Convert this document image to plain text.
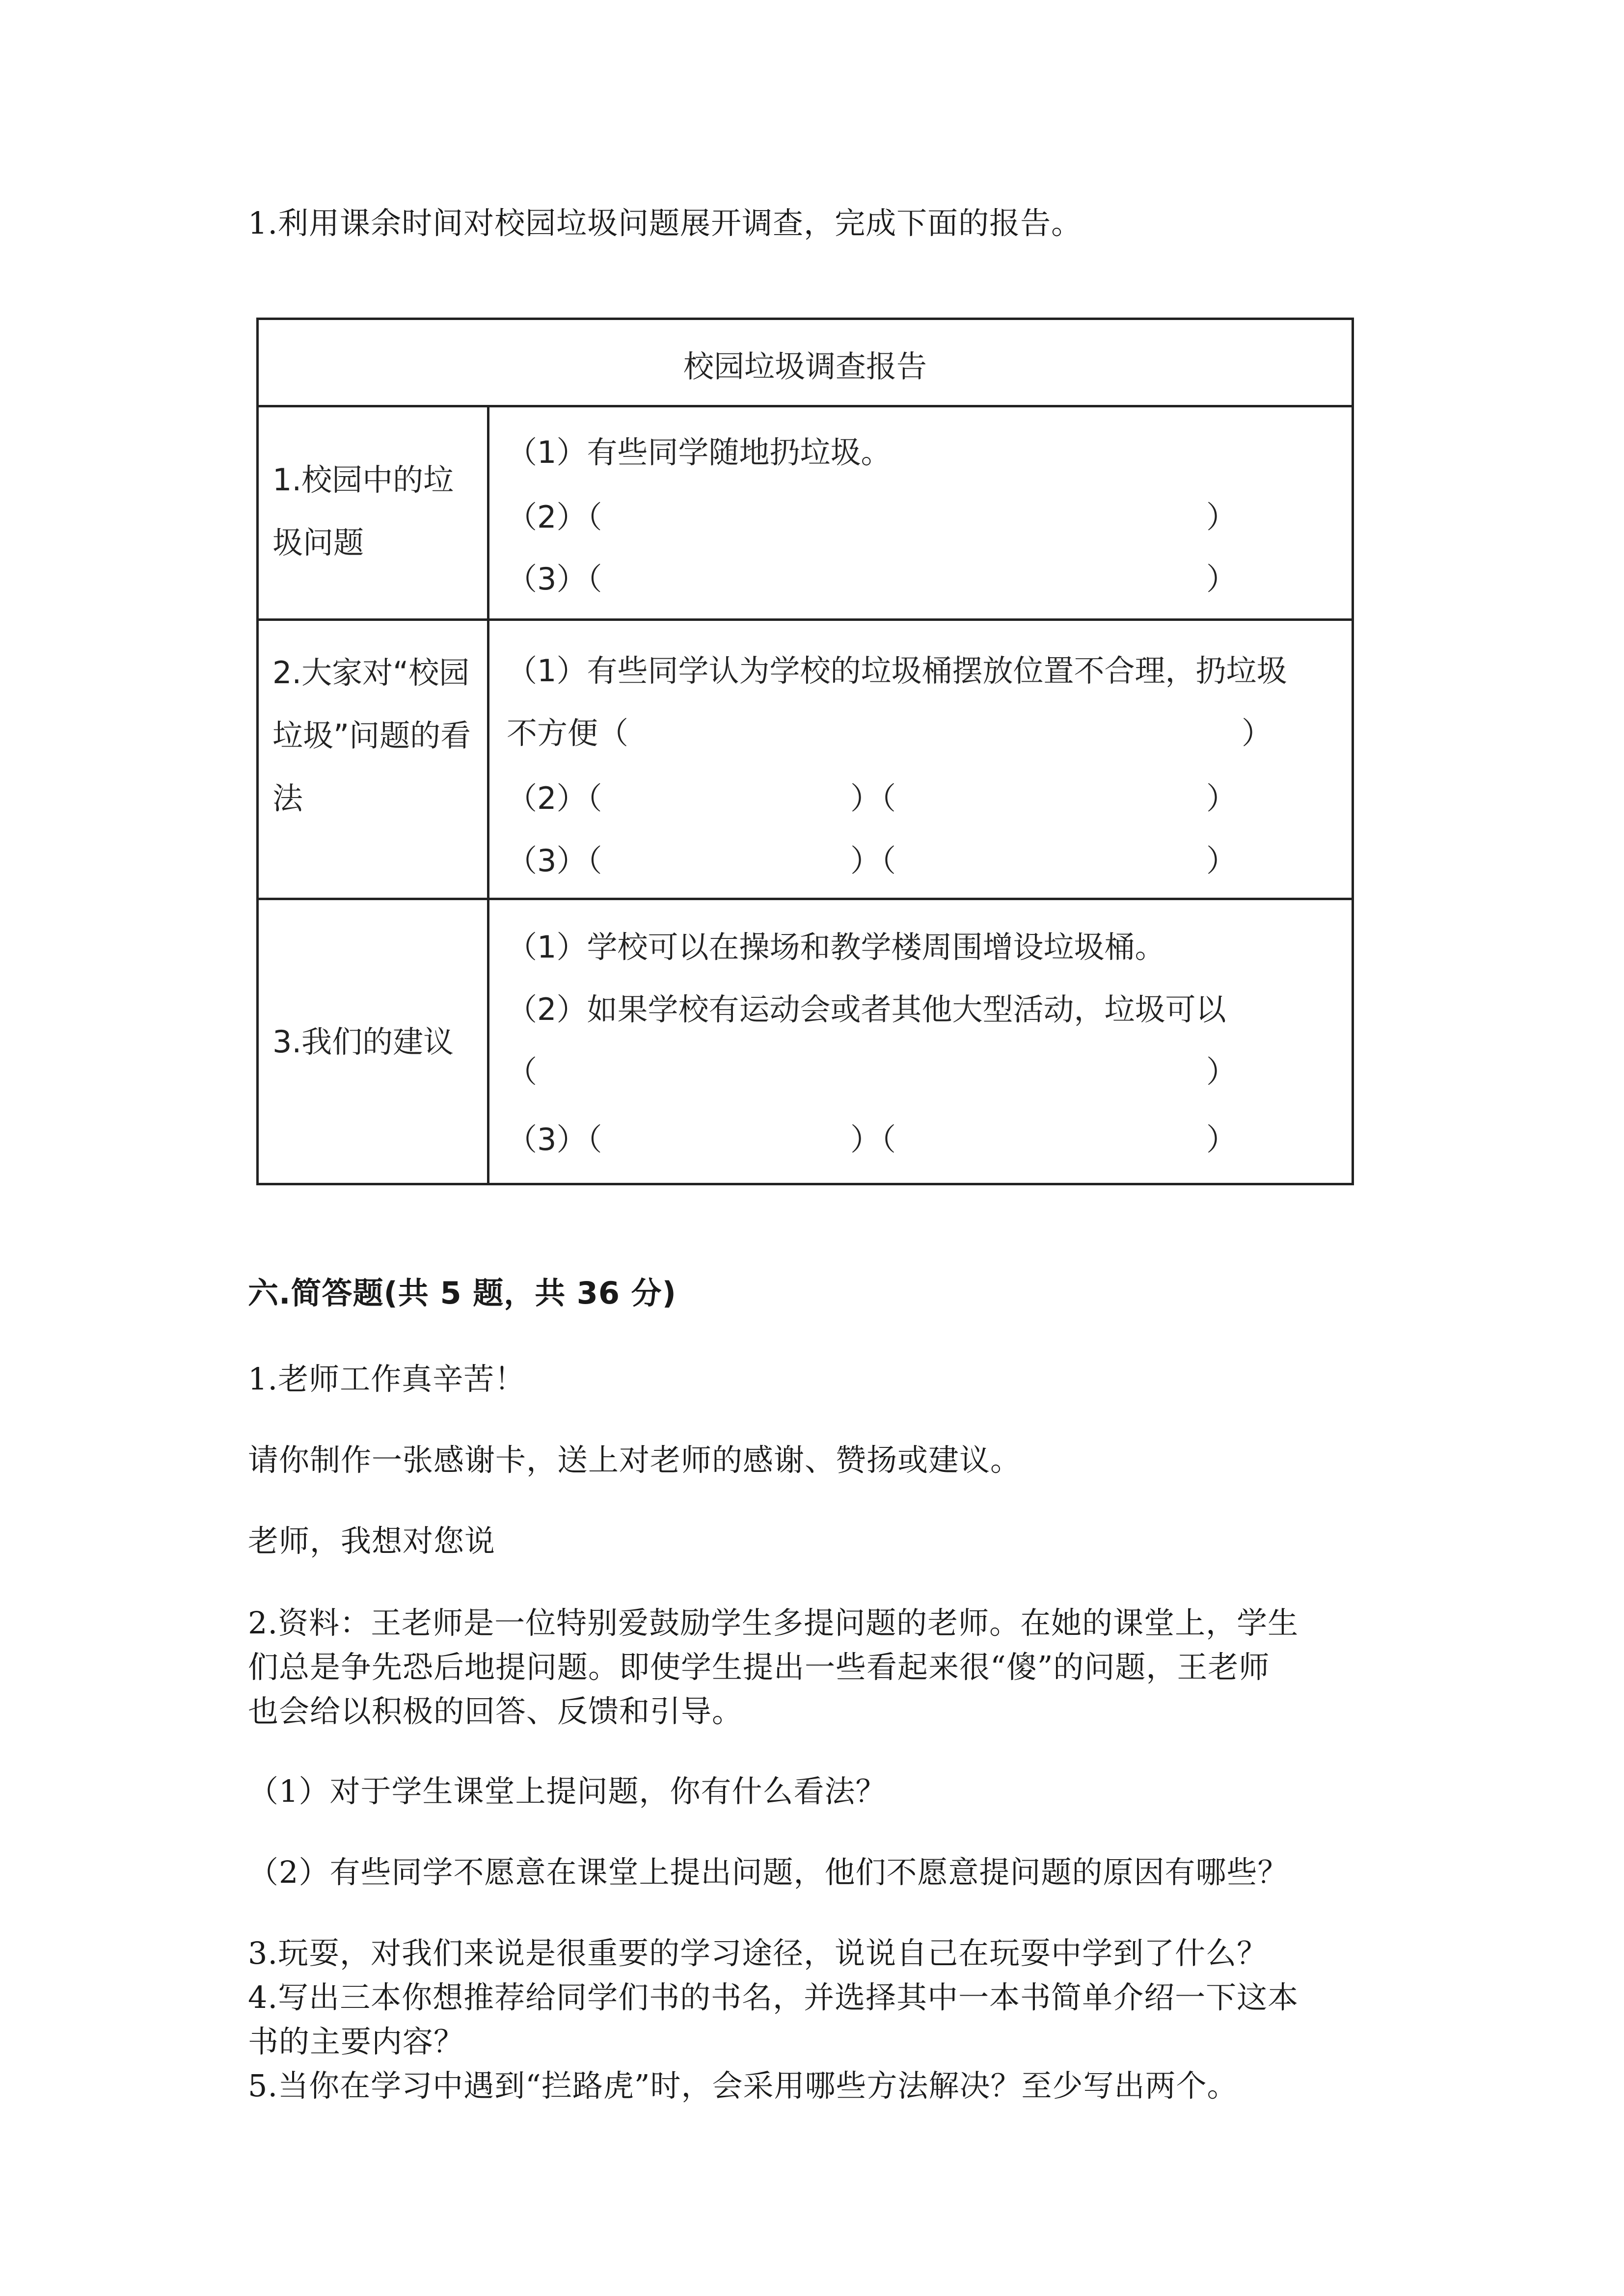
1.利用课余时间对校园垃圾问题展开调查，完成下面的报告。

校园垃圾调查报告
1.校园中的垃圾问题
（1）有些同学随地扔垃圾。
（2）（	）
（3）（	）
2.大家对“校园垃圾”问题的看法
（1）有些同学认为学校的垃圾桶摆放位置不合理，扔垃圾
不方便（	）
（2）（	）（	）
（3）（	）（	）
3.我们的建议
（1）学校可以在操场和教学楼周围增设垃圾桶。
（2）如果学校有运动会或者其他大型活动，垃圾可以
（	）
（3）（	）（	）

六.简答题(共 5 题，共 36 分)

1.老师工作真辛苦！

请你制作一张感谢卡，送上对老师的感谢、赞扬或建议。

老师，我想对您说

2.资料：王老师是一位特别爱鼓励学生多提问题的老师。在她的课堂上，学生

们总是争先恐后地提问题。即使学生提出一些看起来很“傻”的问题，王老师

也会给以积极的回答、反馈和引导。

（1）对于学生课堂上提问题，你有什么看法？

（2）有些同学不愿意在课堂上提出问题，他们不愿意提问题的原因有哪些？

3.玩耍，对我们来说是很重要的学习途径，说说自己在玩耍中学到了什么？

4.写出三本你想推荐给同学们书的书名，并选择其中一本书简单介绍一下这本

书的主要内容？

5.当你在学习中遇到“拦路虎”时，会采用哪些方法解决？至少写出两个。
